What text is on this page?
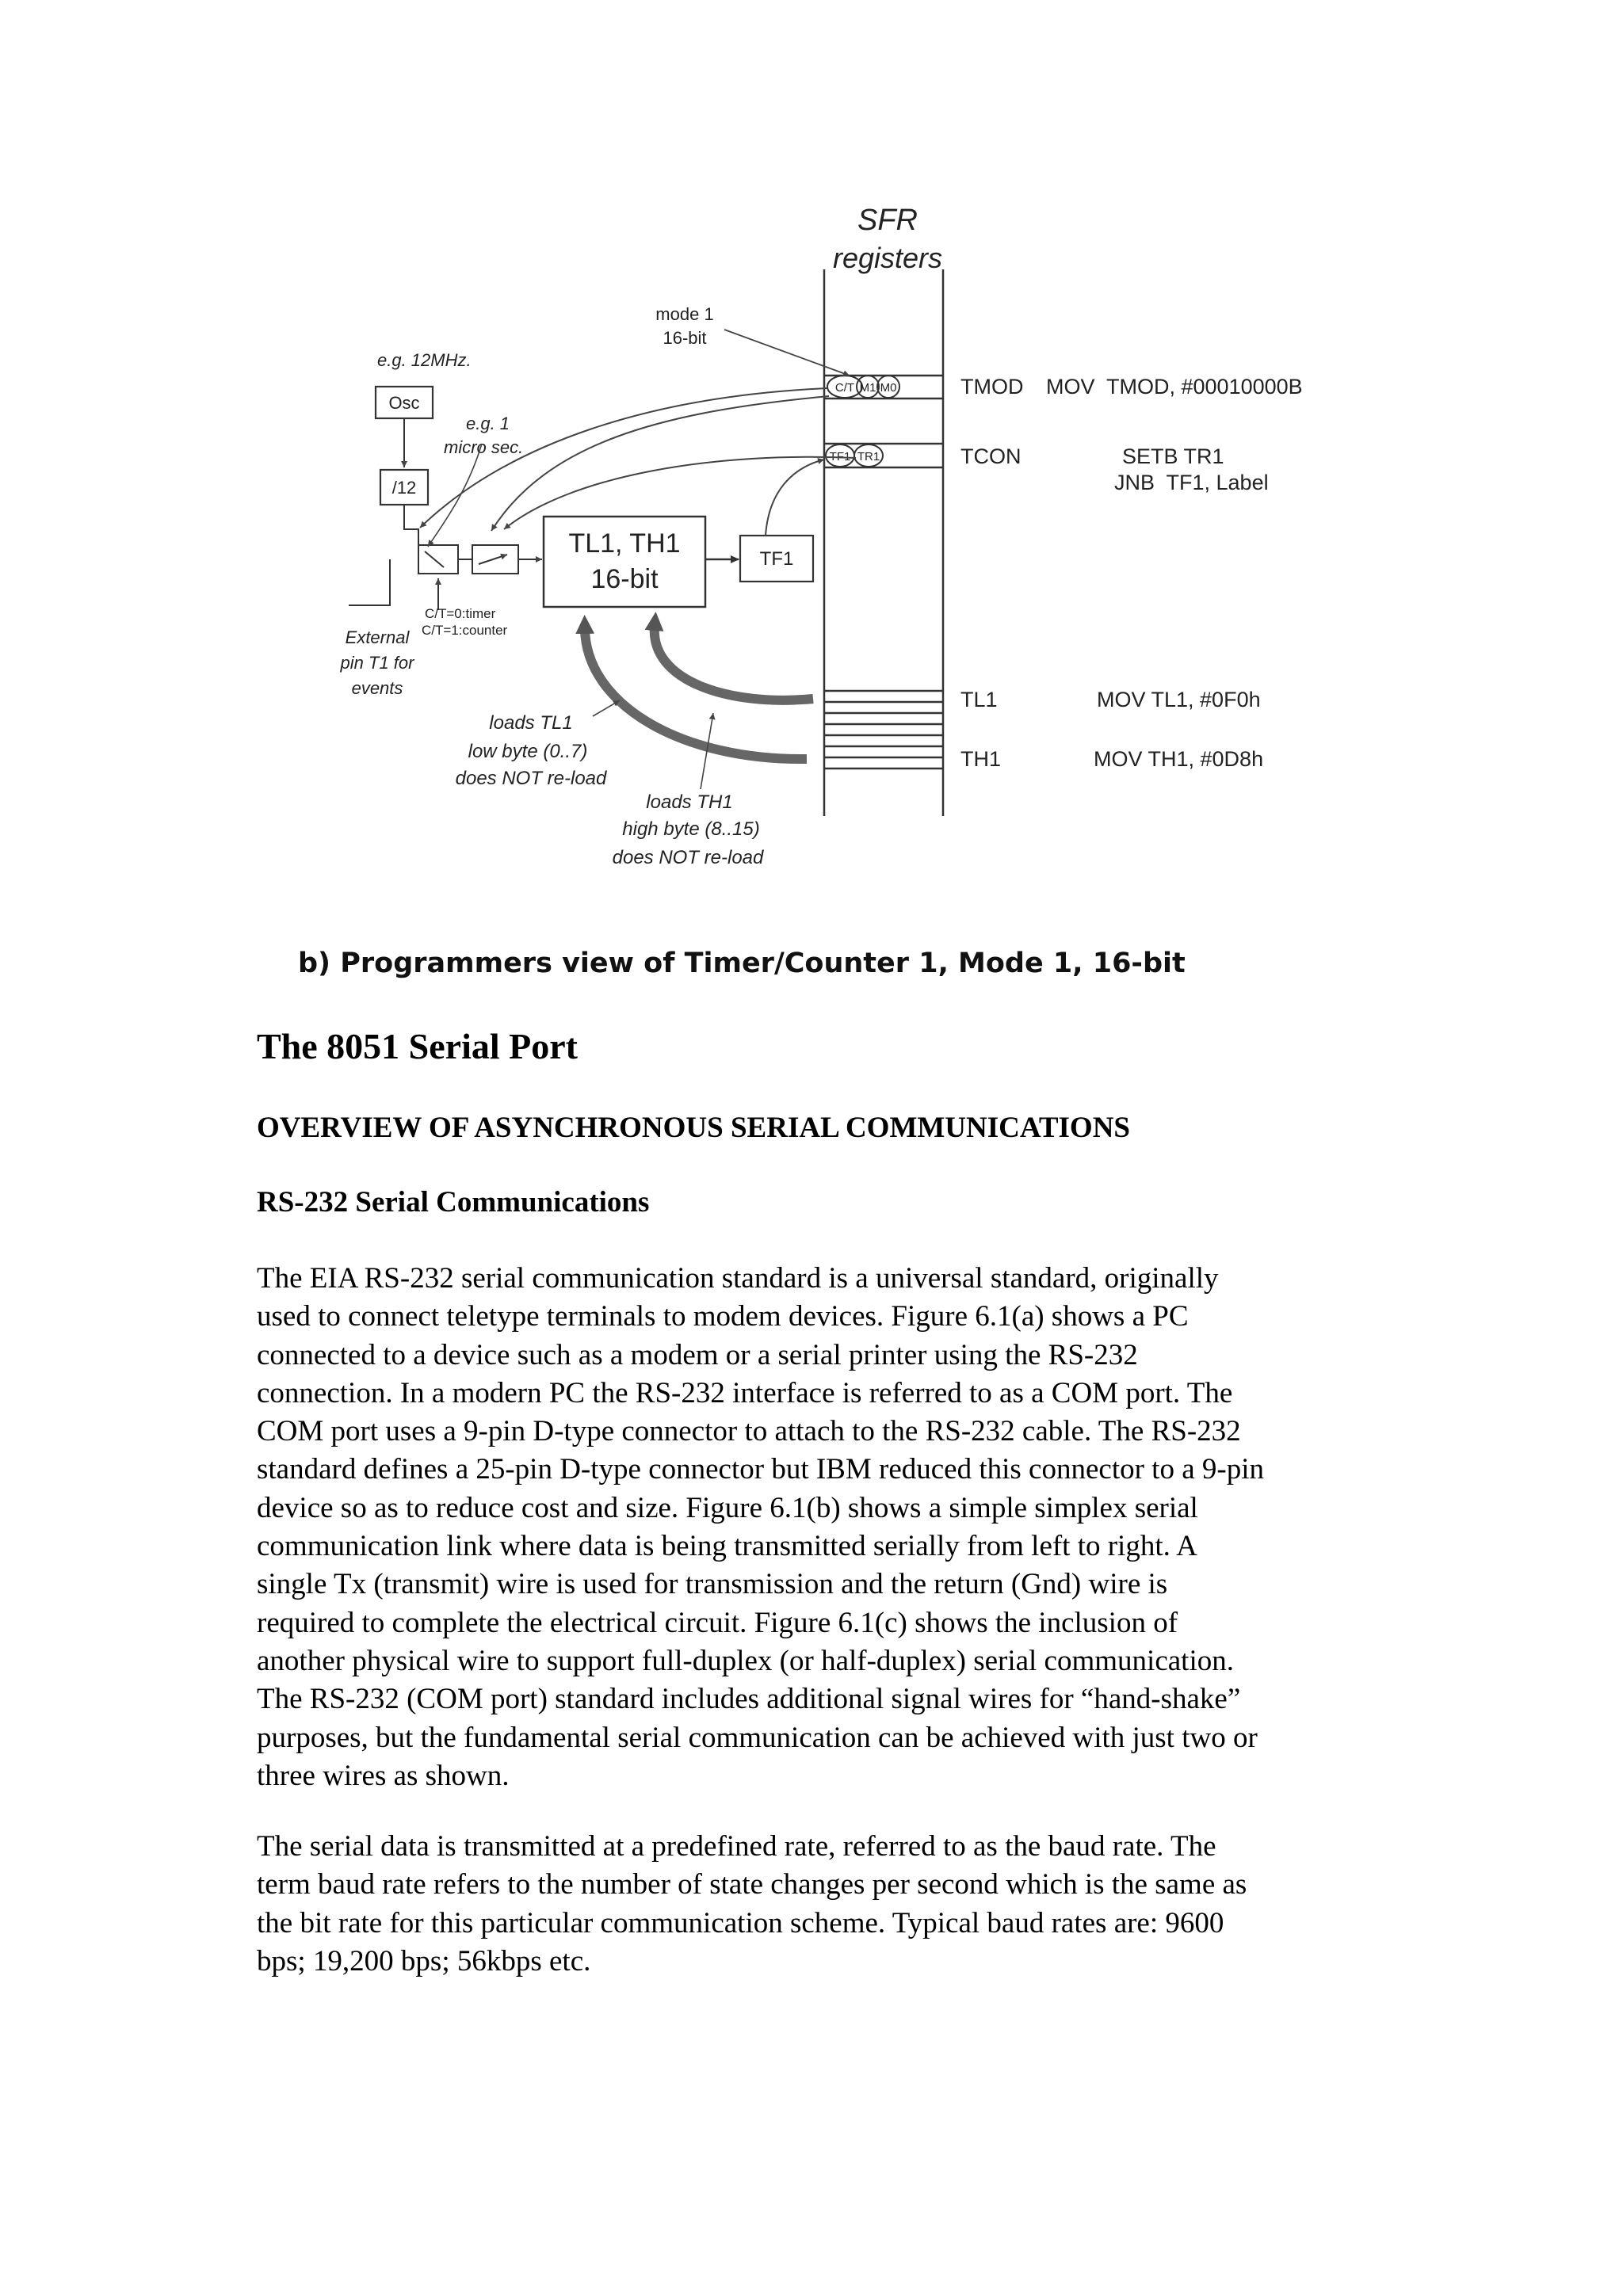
SFR
registers
C/T M1 M0
TF1 TR1
TMOD
TCON
TL1
TH1
MOV  TMOD, #00010000B
SETB TR1
JNB  TF1, Label
MOV TL1, #0F0h
MOV TH1, #0D8h
mode 1
16-bit
e.g. 12MHz.
Osc
e.g. 1
micro sec.
/12
C/T=0:timer
C/T=1:counter
External
pin T1 for
events
TL1, TH1
16-bit
TF1
loads TL1
low byte (0..7)
does NOT re-load
loads TH1
high byte (8..15)
does NOT re-load

b) Programmers view of Timer/Counter 1, Mode 1, 16-bit

The 8051 Serial Port
OVERVIEW OF ASYNCHRONOUS SERIAL COMMUNICATIONS
RS-232 Serial Communications
The EIA RS-232 serial communication standard is a universal standard, originally
used to connect teletype terminals to modem devices. Figure 6.1(a) shows a PC
connected to a device such as a modem or a serial printer using the RS-232
connection. In a modern PC the RS-232 interface is referred to as a COM port. The
COM port uses a 9-pin D-type connector to attach to the RS-232 cable. The RS-232
standard defines a 25-pin D-type connector but IBM reduced this connector to a 9-pin
device so as to reduce cost and size. Figure 6.1(b) shows a simple simplex serial
communication link where data is being transmitted serially from left to right. A
single Tx (transmit) wire is used for transmission and the return (Gnd) wire is
required to complete the electrical circuit. Figure 6.1(c) shows the inclusion of
another physical wire to support full-duplex (or half-duplex) serial communication.
The RS-232 (COM port) standard includes additional signal wires for “hand-shake”
purposes, but the fundamental serial communication can be achieved with just two or
three wires as shown.
The serial data is transmitted at a predefined rate, referred to as the baud rate. The
term baud rate refers to the number of state changes per second which is the same as
the bit rate for this particular communication scheme. Typical baud rates are: 9600
bps; 19,200 bps; 56kbps etc.
